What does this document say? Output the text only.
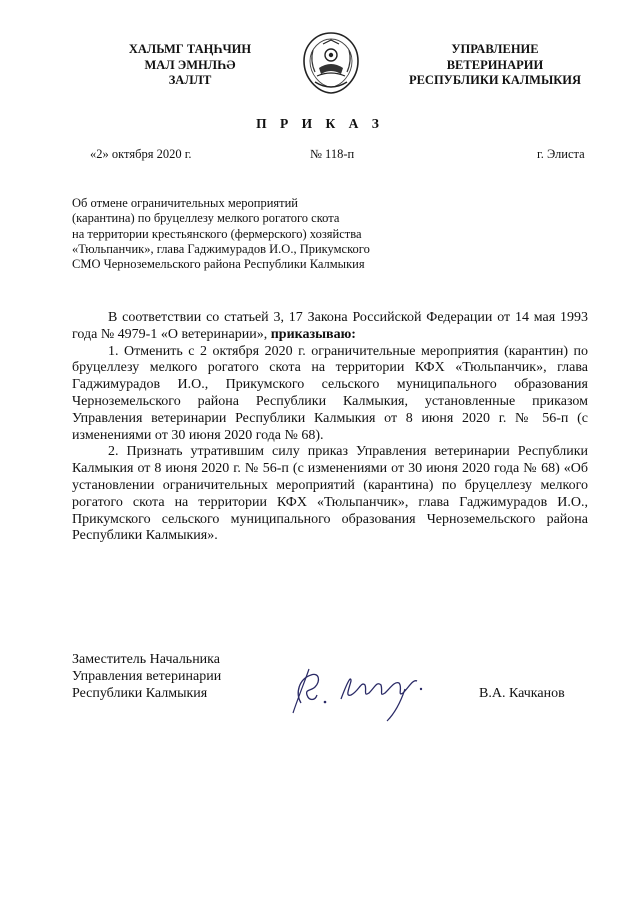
ХАЛЬМГ ТАҢҺЧИН
МАЛ ЭМНЛҺӘ
ЗАЛЛТ
УПРАВЛЕНИЕ
ВЕТЕРИНАРИИ
РЕСПУБЛИКИ КАЛМЫКИЯ
П Р И К А З
«2» октября 2020 г.	№ 118-п	г. Элиста
Об отмене ограничительных мероприятий
(карантина) по бруцеллезу мелкого рогатого скота
на территории крестьянского (фермерского) хозяйства
«Тюльпанчик», глава Гаджимурадов И.О., Прикумского
СМО Черноземельского района Республики Калмыкия

В соответствии со статьей 3, 17 Закона Российской Федерации от 14 мая 1993 года № 4979-1 «О ветеринарии», приказываю:

1. Отменить с 2 октября 2020 г. ограничительные мероприятия (карантин) по бруцеллезу мелкого рогатого скота на территории КФХ «Тюльпанчик», глава Гаджимурадов И.О., Прикумского сельского муниципального образования Черноземельского района Республики Калмыкия, установленные приказом Управления ветеринарии Республики Калмыкия от 8 июня 2020 г. № 56-п (с изменениями от 30 июня 2020 года № 68).

2. Признать утратившим силу приказ Управления ветеринарии Республики Калмыкия от 8 июня 2020 г. № 56-п (с изменениями от 30 июня 2020 года № 68) «Об установлении ограничительных мероприятий (карантина) по бруцеллезу мелкого рогатого скота на территории КФХ «Тюльпанчик», глава Гаджимурадов И.О., Прикумского сельского муниципального образования Черноземельского района Республики Калмыкия».

Заместитель Начальника
Управления ветеринарии
Республики Калмыкия	В.А. Качканов
